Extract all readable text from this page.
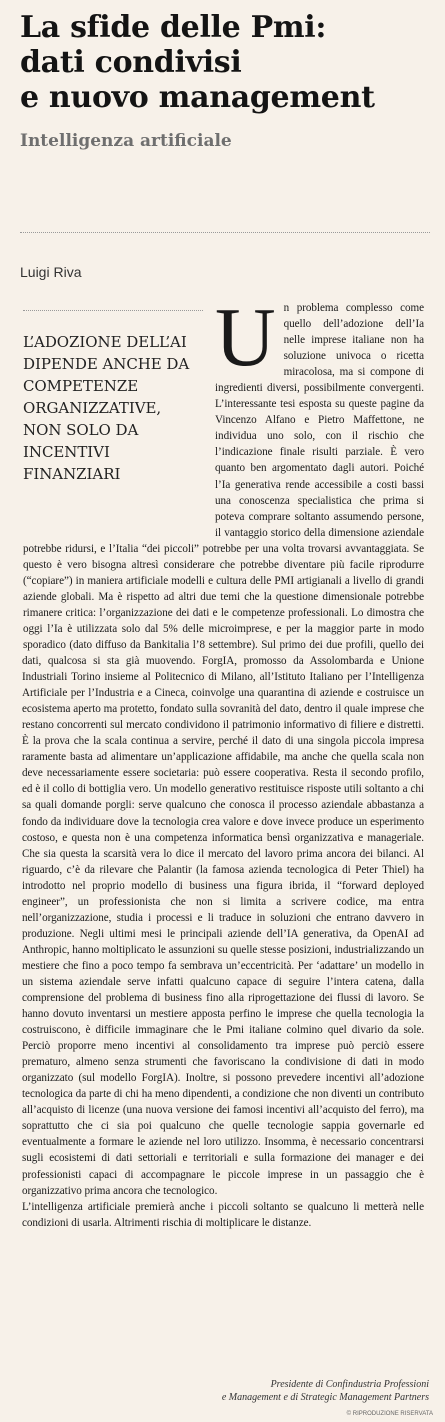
La sfide delle Pmi:
dati condivisi
e nuovo management
Intelligenza artificiale
Luigi Riva
L’ADOZIONE DELL’AI DIPENDE ANCHE DA COMPETENZE ORGANIZZATIVE, NON SOLO DA INCENTIVI FINANZIARI

Un problema complesso come quello dell’adozione dell’Ia nelle imprese italiane non ha soluzione univoca o ricetta miracolosa, ma si compone di ingredienti diversi, possibilmente convergenti. L’interessante tesi esposta su queste pagine da Vincenzo Alfano e Pietro Maffettone, ne individua uno solo, con il rischio che l’indicazione finale risulti parziale. È vero quanto ben argomentato dagli autori. Poiché l’Ia generativa rende accessibile a costi bassi una conoscenza specialistica che prima si poteva comprare soltanto assumendo persone, il vantaggio storico della dimensione aziendale potrebbe ridursi, e l’Italia “dei piccoli” potrebbe per una volta trovarsi avvantaggiata. Se questo è vero bisogna altresì considerare che potrebbe diventare più facile riprodurre (“copiare”) in maniera artificiale modelli e cultura delle PMI artigianali a livello di grandi aziende globali. Ma è rispetto ad altri due temi che la questione dimensionale potrebbe rimanere critica: l’organizzazione dei dati e le competenze professionali. Lo dimostra che oggi l’Ia è utilizzata solo dal 5% delle microimprese, e per la maggior parte in modo sporadico (dato diffuso da Bankitalia l’8 settembre). Sul primo dei due profili, quello dei dati, qualcosa si sta già muovendo. ForgIA, promosso da Assolombarda e Unione Industriali Torino insieme al Politecnico di Milano, all’Istituto Italiano per l’Intelligenza Artificiale per l’Industria e a Cineca, coinvolge una quarantina di aziende e costruisce un ecosistema aperto ma protetto, fondato sulla sovranità del dato, dentro il quale imprese che restano concorrenti sul mercato condividono il patrimonio informativo di filiere e distretti. È la prova che la scala continua a servire, perché il dato di una singola piccola impresa raramente basta ad alimentare un’applicazione affidabile, ma anche che quella scala non deve necessariamente essere societaria: può essere cooperativa. Resta il secondo profilo, ed è il collo di bottiglia vero. Un modello generativo restituisce risposte utili soltanto a chi sa quali domande porgli: serve qualcuno che conosca il processo aziendale abbastanza a fondo da individuare dove la tecnologia crea valore e dove invece produce un esperimento costoso, e questa non è una competenza informatica bensì organizzativa e manageriale. Che sia questa la scarsità vera lo dice il mercato del lavoro prima ancora dei bilanci. Al riguardo, c’è da rilevare che Palantir (la famosa azienda tecnologica di Peter Thiel) ha introdotto nel proprio modello di business una figura ibrida, il “forward deployed engineer”, un professionista che non si limita a scrivere codice, ma entra nell’organizzazione, studia i processi e li traduce in soluzioni che entrano davvero in produzione. Negli ultimi mesi le principali aziende dell’IA generativa, da OpenAI ad Anthropic, hanno moltiplicato le assunzioni su quelle stesse posizioni, industrializzando un mestiere che fino a poco tempo fa sembrava un’eccentricità. Per ‘adattare’ un modello in un sistema aziendale serve infatti qualcuno capace di seguire l’intera catena, dalla comprensione del problema di business fino alla riprogettazione dei flussi di lavoro. Se hanno dovuto inventarsi un mestiere apposta perfino le imprese che quella tecnologia la costruiscono, è difficile immaginare che le Pmi italiane colmino quel divario da sole. Perciò proporre meno incentivi al consolidamento tra imprese può perciò essere prematuro, almeno senza strumenti che favoriscano la condivisione di dati in modo organizzato (sul modello ForgIA). Inoltre, si possono prevedere incentivi all’adozione tecnologica da parte di chi ha meno dipendenti, a condizione che non diventi un contributo all’acquisto di licenze (una nuova versione dei famosi incentivi all’acquisto del ferro), ma soprattutto che ci sia poi qualcuno che quelle tecnologie sappia governarle ed eventualmente a formare le aziende nel loro utilizzo. Insomma, è necessario concentrarsi sugli ecosistemi di dati settoriali e territoriali e sulla formazione dei manager e dei professionisti capaci di accompagnare le piccole imprese in un passaggio che è organizzativo prima ancora che tecnologico.

L’intelligenza artificiale premierà anche i piccoli soltanto se qualcuno li metterà nelle condizioni di usarla. Altrimenti rischia di moltiplicare le distanze.

Presidente di Confindustria Professioni
e Management e di Strategic Management Partners
© RIPRODUZIONE RISERVATA
